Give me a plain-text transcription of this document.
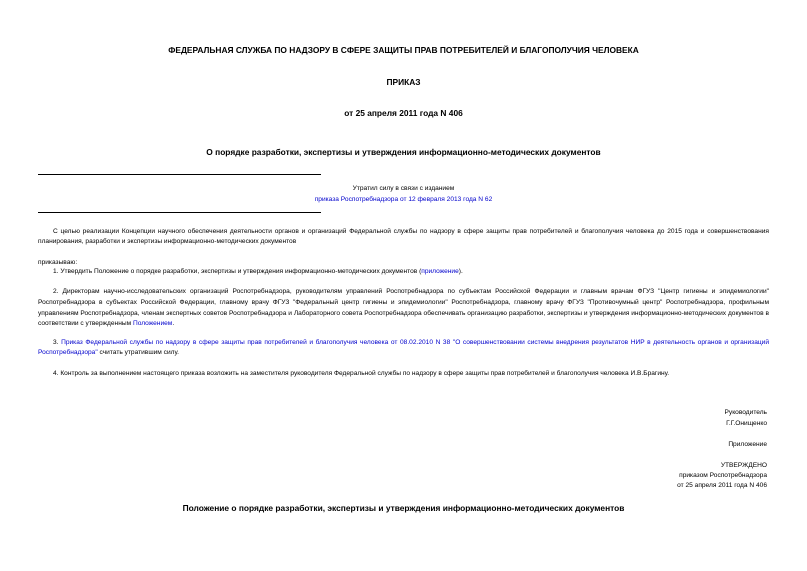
ФЕДЕРАЛЬНАЯ СЛУЖБА ПО НАДЗОРУ В СФЕРЕ ЗАЩИТЫ ПРАВ ПОТРЕБИТЕЛЕЙ И БЛАГОПОЛУЧИЯ ЧЕЛОВЕКА
ПРИКАЗ
от 25 апреля 2011 года N 406
О порядке разработки, экспертизы и утверждения информационно-методических документов
Утратил силу в связи с изданием
приказа Роспотребнадзора от 12 февраля 2013 года N 62
С целью реализации Концепции научного обеспечения деятельности органов и организаций Федеральной службы по надзору в сфере защиты прав потребителей и благополучия человека до 2015 года и совершенствования планирования, разработки и экспертизы информационно-методических документов
приказываю:
1. Утвердить Положение о порядке разработки, экспертизы и утверждения информационно-методических документов (приложение).
2. Директорам научно-исследовательских организаций Роспотребнадзора, руководителям управлений Роспотребнадзора по субъектам Российской Федерации и главным врачам ФГУЗ "Центр гигиены и эпидемиологии" Роспотребнадзора в субъектах Российской Федерации, главному врачу ФГУЗ "Федеральный центр гигиены и эпидемиологии" Роспотребнадзора, главному врачу ФГУЗ "Противочумный центр" Роспотребнадзора, профильным управлениям Роспотребнадзора, членам экспертных советов Роспотребнадзора и Лабораторного совета Роспотребнадзора обеспечивать организацию разработки, экспертизы и утверждения информационно-методических документов в соответствии с утвержденным Положением.
3. Приказ Федеральной службы по надзору в сфере защиты прав потребителей и благополучия человека от 08.02.2010 N 38 "О совершенствовании системы внедрения результатов НИР в деятельность органов и организаций Роспотребнадзора" считать утратившим силу.
4. Контроль за выполнением настоящего приказа возложить на заместителя руководителя Федеральной службы по надзору в сфере защиты прав потребителей и благополучия человека И.В.Брагину.
Руководитель
Г.Г.Онищенко
Приложение
УТВЕРЖДЕНО
приказом Роспотребнадзора
от 25 апреля 2011 года N 406
Положение о порядке разработки, экспертизы и утверждения информационно-методических документов
